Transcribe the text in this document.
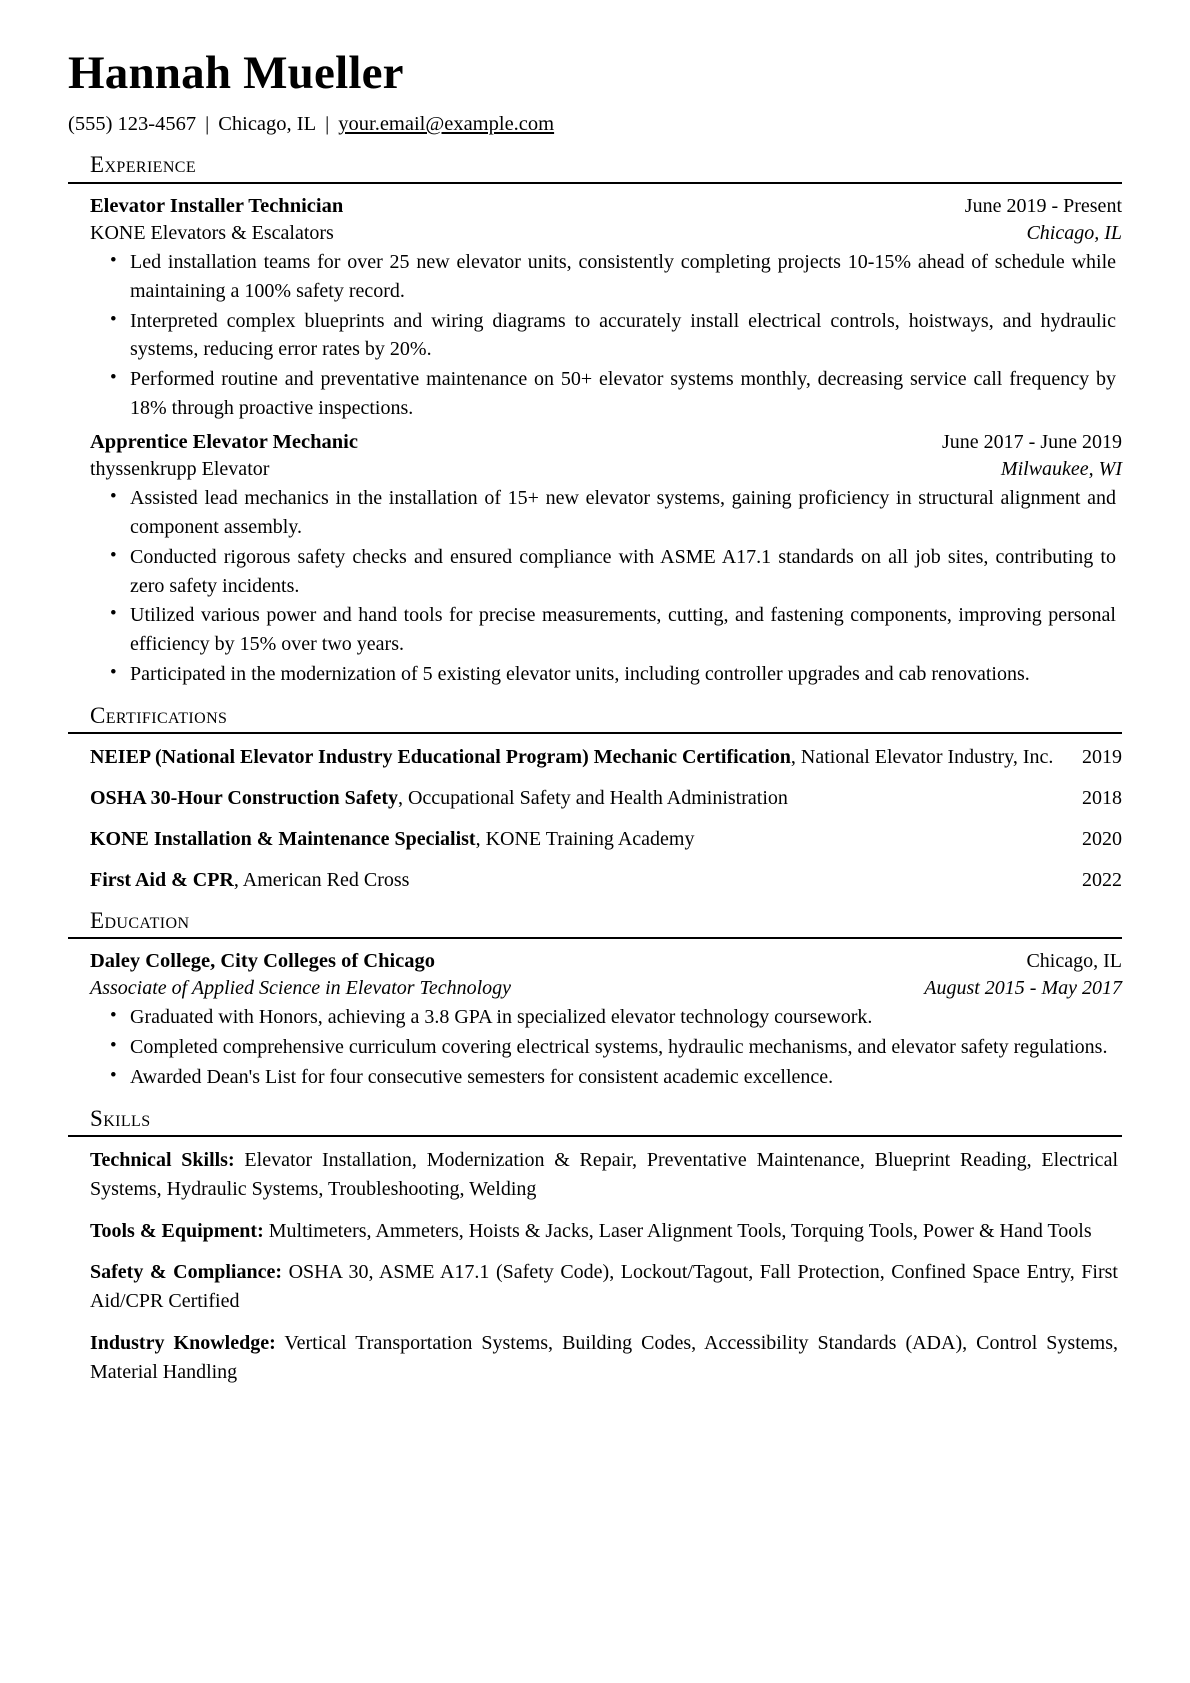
Hannah Mueller
(555) 123-4567 | Chicago, IL | your.email@example.com
Experience
Elevator Installer Technician	June 2019 - Present
KONE Elevators & Escalators	Chicago, IL
• Led installation teams for over 25 new elevator units, consistently completing projects 10-15% ahead of schedule while maintaining a 100% safety record.
• Interpreted complex blueprints and wiring diagrams to accurately install electrical controls, hoistways, and hydraulic systems, reducing error rates by 20%.
• Performed routine and preventative maintenance on 50+ elevator systems monthly, decreasing service call frequency by 18% through proactive inspections.
Apprentice Elevator Mechanic	June 2017 - June 2019
thyssenkrupp Elevator	Milwaukee, WI
• Assisted lead mechanics in the installation of 15+ new elevator systems, gaining proficiency in structural alignment and component assembly.
• Conducted rigorous safety checks and ensured compliance with ASME A17.1 standards on all job sites, contributing to zero safety incidents.
• Utilized various power and hand tools for precise measurements, cutting, and fastening components, improving personal efficiency by 15% over two years.
• Participated in the modernization of 5 existing elevator units, including controller upgrades and cab renovations.
Certifications
NEIEP (National Elevator Industry Educational Program) Mechanic Certification, National Elevator Industry, Inc.	2019
OSHA 30-Hour Construction Safety, Occupational Safety and Health Administration	2018
KONE Installation & Maintenance Specialist, KONE Training Academy	2020
First Aid & CPR, American Red Cross	2022
Education
Daley College, City Colleges of Chicago	Chicago, IL
Associate of Applied Science in Elevator Technology	August 2015 - May 2017
• Graduated with Honors, achieving a 3.8 GPA in specialized elevator technology coursework.
• Completed comprehensive curriculum covering electrical systems, hydraulic mechanisms, and elevator safety regulations.
• Awarded Dean's List for four consecutive semesters for consistent academic excellence.
Skills
Technical Skills: Elevator Installation, Modernization & Repair, Preventative Maintenance, Blueprint Reading, Electrical Systems, Hydraulic Systems, Troubleshooting, Welding
Tools & Equipment: Multimeters, Ammeters, Hoists & Jacks, Laser Alignment Tools, Torquing Tools, Power & Hand Tools
Safety & Compliance: OSHA 30, ASME A17.1 (Safety Code), Lockout/Tagout, Fall Protection, Confined Space Entry, First Aid/CPR Certified
Industry Knowledge: Vertical Transportation Systems, Building Codes, Accessibility Standards (ADA), Control Systems, Material Handling
